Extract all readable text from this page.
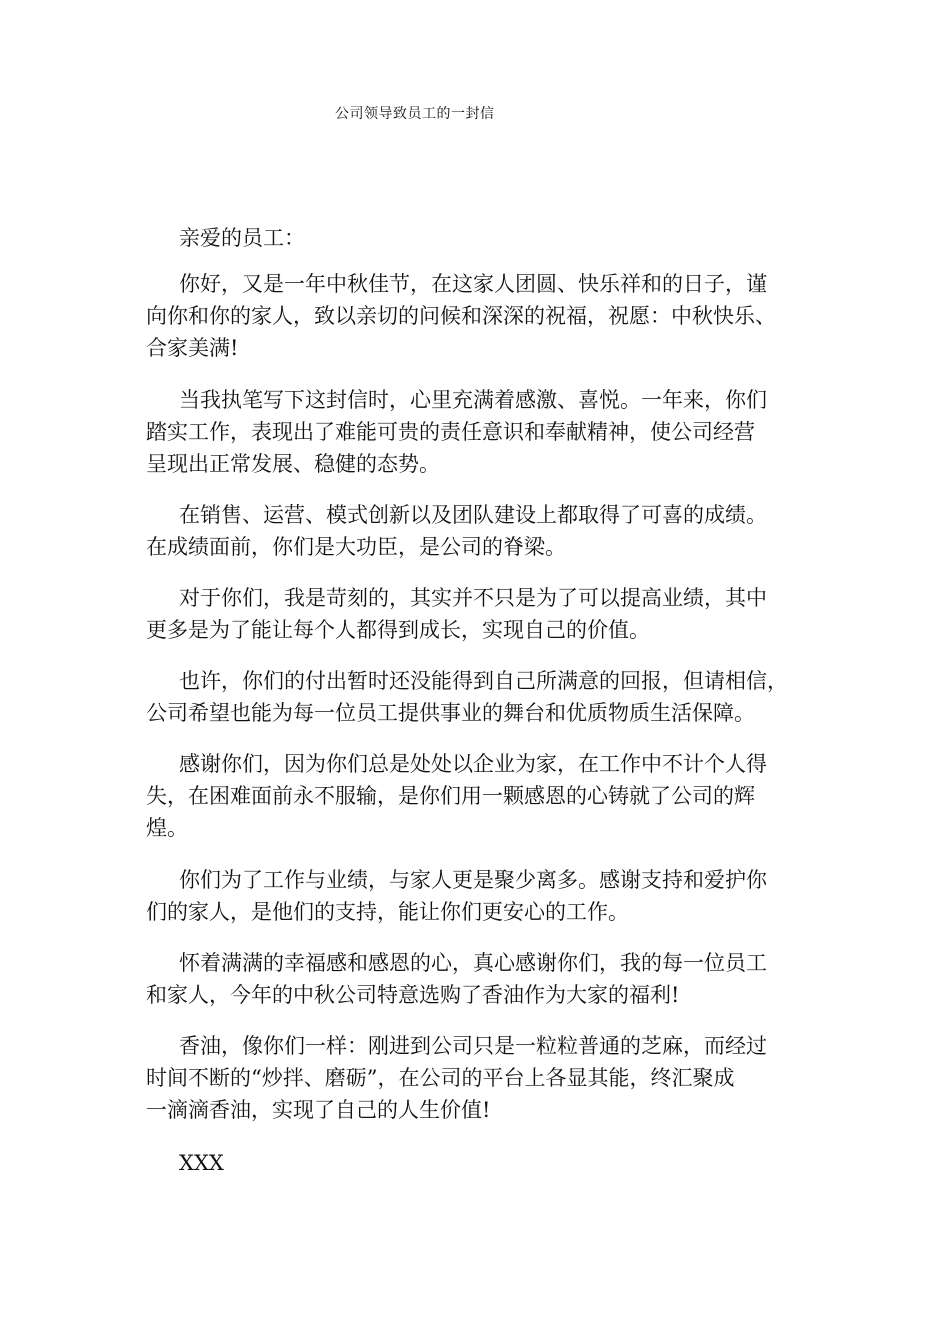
公司领导致员工的一封信
亲爱的员工：
你好，又是一年中秋佳节，在这家人团圆、快乐祥和的日子，谨
向你和你的家人，致以亲切的问候和深深的祝福，祝愿：中秋快乐、
合家美满!
当我执笔写下这封信时，心里充满着感激、喜悦。一年来，你们
踏实工作，表现出了难能可贵的责任意识和奉献精神，使公司经营
呈现出正常发展、稳健的态势。
在销售、运营、模式创新以及团队建设上都取得了可喜的成绩。
在成绩面前，你们是大功臣，是公司的脊梁。
对于你们，我是苛刻的，其实并不只是为了可以提高业绩，其中
更多是为了能让每个人都得到成长，实现自己的价值。
也许，你们的付出暂时还没能得到自己所满意的回报，但请相信，
公司希望也能为每一位员工提供事业的舞台和优质物质生活保障。
感谢你们，因为你们总是处处以企业为家，在工作中不计个人得
失，在困难面前永不服输，是你们用一颗感恩的心铸就了公司的辉
煌。
你们为了工作与业绩，与家人更是聚少离多。感谢支持和爱护你
们的家人，是他们的支持，能让你们更安心的工作。
怀着满满的幸福感和感恩的心，真心感谢你们，我的每一位员工
和家人，今年的中秋公司特意选购了香油作为大家的福利!
香油，像你们一样：刚进到公司只是一粒粒普通的芝麻，而经过
时间不断的“炒拌、磨砺”，在公司的平台上各显其能，终汇聚成
一滴滴香油，实现了自己的人生价值!
XXX
